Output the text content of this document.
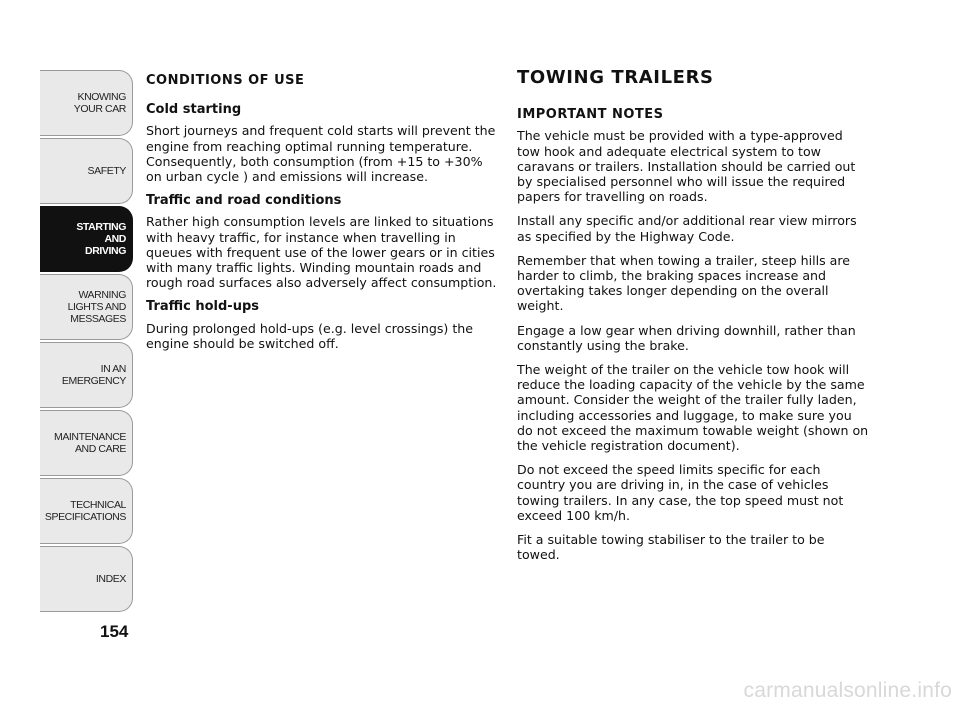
KNOWING
YOUR CAR
SAFETY
STARTING
AND
DRIVING
WARNING
LIGHTS AND
MESSAGES
IN AN
EMERGENCY
MAINTENANCE
AND CARE
TECHNICAL
SPECIFICATIONS
INDEX
154
CONDITIONS OF USE
Cold starting

Short journeys and frequent cold starts will prevent the engine from reaching optimal running temperature. Consequently, both consumption (from +15 to +30% on urban cycle ) and emissions will increase.

Traffic and road conditions

Rather high consumption levels are linked to situations with heavy traffic, for instance when travelling in queues with frequent use of the lower gears or in cities with many traffic lights. Winding mountain roads and rough road surfaces also adversely affect consumption.

Traffic hold-ups

During prolonged hold-ups (e.g. level crossings) the engine should be switched off.

TOWING TRAILERS
IMPORTANT NOTES

The vehicle must be provided with a type-approved tow hook and adequate electrical system to tow caravans or trailers. Installation should be carried out by specialised personnel who will issue the required papers for travelling on roads.

Install any specific and/or additional rear view mirrors as specified by the Highway Code.

Remember that when towing a trailer, steep hills are harder to climb, the braking spaces increase and overtaking takes longer depending on the overall weight.

Engage a low gear when driving downhill, rather than constantly using the brake.

The weight of the trailer on the vehicle tow hook will reduce the loading capacity of the vehicle by the same amount. Consider the weight of the trailer fully laden, including accessories and luggage, to make sure you do not exceed the maximum towable weight (shown on the vehicle registration document).

Do not exceed the speed limits specific for each country you are driving in, in the case of vehicles towing trailers. In any case, the top speed must not exceed 100 km/h.

Fit a suitable towing stabiliser to the trailer to be towed.

carmanualsonline.info
